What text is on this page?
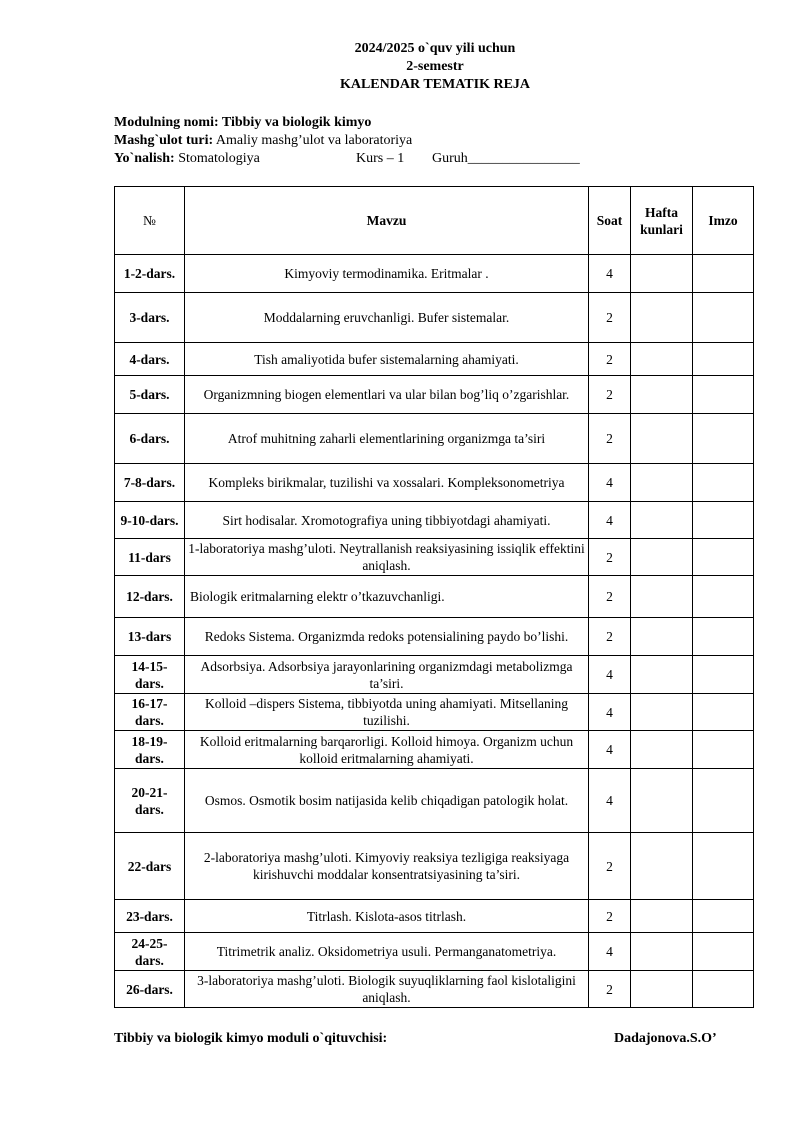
2024/2025 o`quv yili uchun
2-semestr
KALENDAR TEMATIK REJA
Modulning nomi: Tibbiy va biologik kimyo
Mashg`ulot turi: Amaliy mashg’ulot va laboratoriya
Yo`nalish: Stomatologiya	Kurs – 1 Guruh________________
№	Mavzu	Soat	Hafta kunlari	Imzo
1-2-dars.	Kimyoviy termodinamika. Eritmalar .	4		
3-dars.	Moddalarning eruvchanligi. Bufer sistemalar.	2		
4-dars.	Tish amaliyotida bufer sistemalarning ahamiyati.	2		
5-dars.	Organizmning biogen elementlari va ular bilan bog’liq o’zgarishlar.	2		
6-dars.	Atrof muhitning zaharli elementlarining organizmga ta’siri	2		
7-8-dars.	Kompleks birikmalar, tuzilishi va xossalari. Kompleksonometriya	4		
9-10-dars.	Sirt hodisalar. Xromotografiya uning tibbiyotdagi ahamiyati.	4		
11-dars	1-laboratoriya mashg’uloti. Neytrallanish reaksiyasining issiqlik effektini aniqlash.	2		
12-dars.	Biologik eritmalarning elektr o’tkazuvchanligi.	2		
13-dars	Redoks Sistema. Organizmda redoks potensialining paydo bo’lishi.	2		
14-15-dars.	Adsorbsiya. Adsorbsiya jarayonlarining organizmdagi metabolizmga ta’siri.	4		
16-17-dars.	Kolloid –dispers Sistema, tibbiyotda uning ahamiyati. Mitsellaning tuzilishi.	4		
18-19-dars.	Kolloid eritmalarning barqarorligi. Kolloid himoya. Organizm uchun kolloid eritmalarning ahamiyati.	4		
20-21-dars.	Osmos. Osmotik bosim natijasida kelib chiqadigan patologik holat.	4		
22-dars	2-laboratoriya mashg’uloti. Kimyoviy reaksiya tezligiga reaksiyaga kirishuvchi moddalar konsentratsiyasining ta’siri.	2		
23-dars.	Titrlash. Kislota-asos titrlash.	2		
24-25-dars.	Titrimetrik analiz. Oksidometriya usuli. Permanganatometriya.	4		
26-dars.	3-laboratoriya mashg’uloti. Biologik suyuqliklarning faol kislotaligini aniqlash.	2		
Tibbiy va biologik kimyo moduli o`qituvchisi:	Dadajonova.S.O’
